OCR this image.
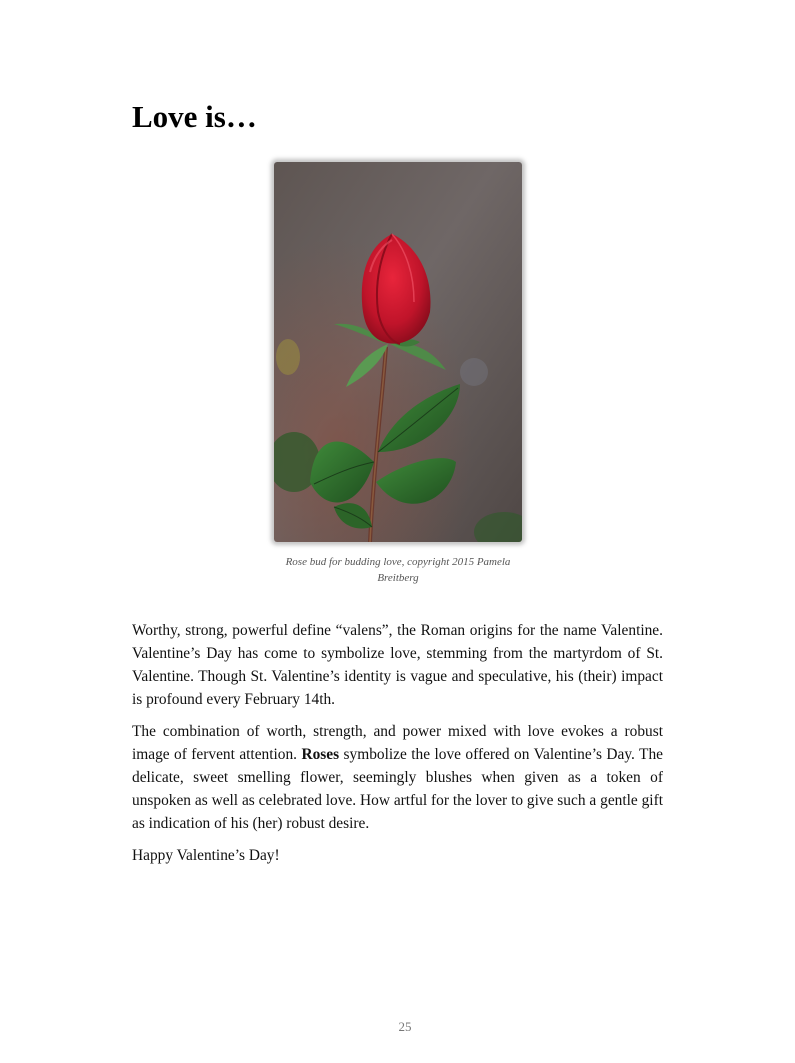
Love is…

Rose bud for budding love, copyright 2015 Pamela
Breitberg

Worthy, strong, powerful define “valens”, the Roman origins for the name Valentine. Valentine’s Day has come to symbolize love, stemming from the martyrdom of St. Valentine. Though St. Valentine’s identity is vague and speculative, his (their) impact is profound every February 14th.

The combination of worth, strength, and power mixed with love evokes a robust image of fervent attention. Roses symbolize the love offered on Valentine’s Day. The delicate, sweet smelling flower, seemingly blushes when given as a token of unspoken as well as celebrated love. How artful for the lover to give such a gentle gift as indication of his (her) robust desire.

Happy Valentine’s Day!

25
